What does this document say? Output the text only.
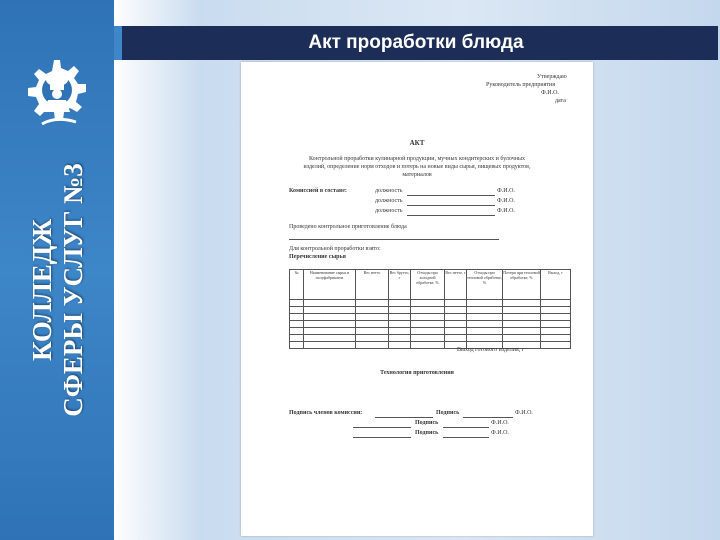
КОЛЛЕДЖ СФЕРЫ УСЛУГ №3
Акт проработки блюда
Утверждаю
Руководитель предприятия
Ф.И.О.
дата
АКТ
Контрольной проработки кулинарной продукции, мучных кондитерских и булочных
изделий, определение норм отходов и потерь на новые виды сырья, пищевых продуктов,
материалов
Комиссией в составе:	должность	Ф.И.О.
должность	Ф.И.О.
должность	Ф.И.О.
Проведено контрольное приготовление блюда
Для контрольной проработки взято:
Перечисление сырья
№	Наименование сырья и полуфабрикатов	Вес нетто	Вес брутто, г	Отходы при холодной обработке, %	Вес нетто, г	Отходы при тепловой обработке, %	Потери при тепловой обработке, %	Выход, г

Выход готового изделия, г
Технология приготовления
Подпись членов комиссии:	Подпись	Ф.И.О.
Подпись	Ф.И.О.
Подпись	Ф.И.О.
